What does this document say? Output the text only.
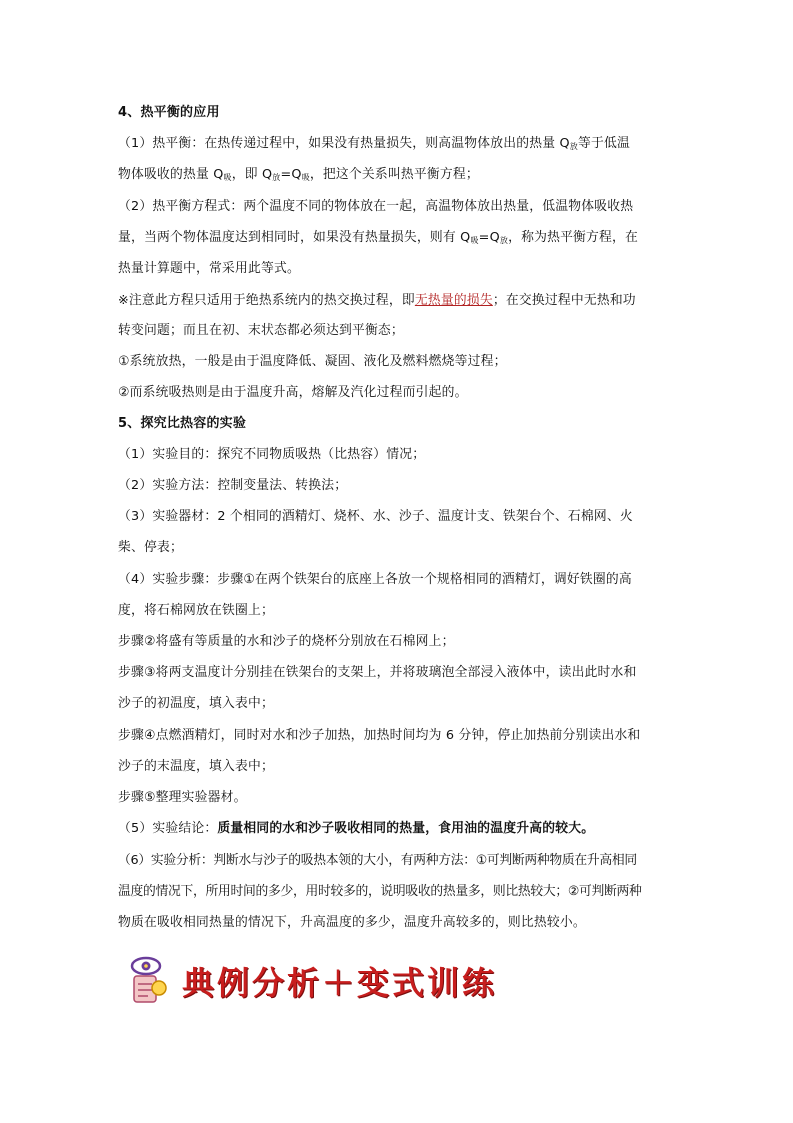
4、热平衡的应用
（1）热平衡：在热传递过程中，如果没有热量损失，则高温物体放出的热量 $Q_放$等于低温
物体吸收的热量 $Q_吸$，即 $Q_放=Q_吸$，把这个关系叫热平衡方程；
（2）热平衡方程式：两个温度不同的物体放在一起，高温物体放出热量，低温物体吸收热
量，当两个物体温度达到相同时，如果没有热量损失，则有 $Q_吸=Q_放$，称为热平衡方程，在
热量计算题中，常采用此等式。
※注意此方程只适用于绝热系统内的热交换过程，即无热量的损失；在交换过程中无热和功
转变问题；而且在初、末状态都必须达到平衡态；
①系统放热，一般是由于温度降低、凝固、液化及燃料燃烧等过程；
②而系统吸热则是由于温度升高，熔解及汽化过程而引起的。
5、探究比热容的实验
（1）实验目的：探究不同物质吸热（比热容）情况；
（2）实验方法：控制变量法、转换法；
（3）实验器材：2 个相同的酒精灯、烧杯、水、沙子、温度计支、铁架台个、石棉网、火
柴、停表；
（4）实验步骤：步骤①在两个铁架台的底座上各放一个规格相同的酒精灯，调好铁圈的高
度，将石棉网放在铁圈上；
步骤②将盛有等质量的水和沙子的烧杯分别放在石棉网上；
步骤③将两支温度计分别挂在铁架台的支架上，并将玻璃泡全部浸入液体中，读出此时水和
沙子的初温度，填入表中；
步骤④点燃酒精灯，同时对水和沙子加热，加热时间均为 6 分钟，停止加热前分别读出水和
沙子的末温度，填入表中；
步骤⑤整理实验器材。
（5）实验结论：质量相同的水和沙子吸收相同的热量，食用油的温度升高的较大。
（6）实验分析：判断水与沙子的吸热本领的大小，有两种方法：①可判断两种物质在升高相同
温度的情况下，所用时间的多少，用时较多的，说明吸收的热量多，则比热较大；②可判断两种
物质在吸收相同热量的情况下，升高温度的多少，温度升高较多的，则比热较小。
典例分析＋变式训练
